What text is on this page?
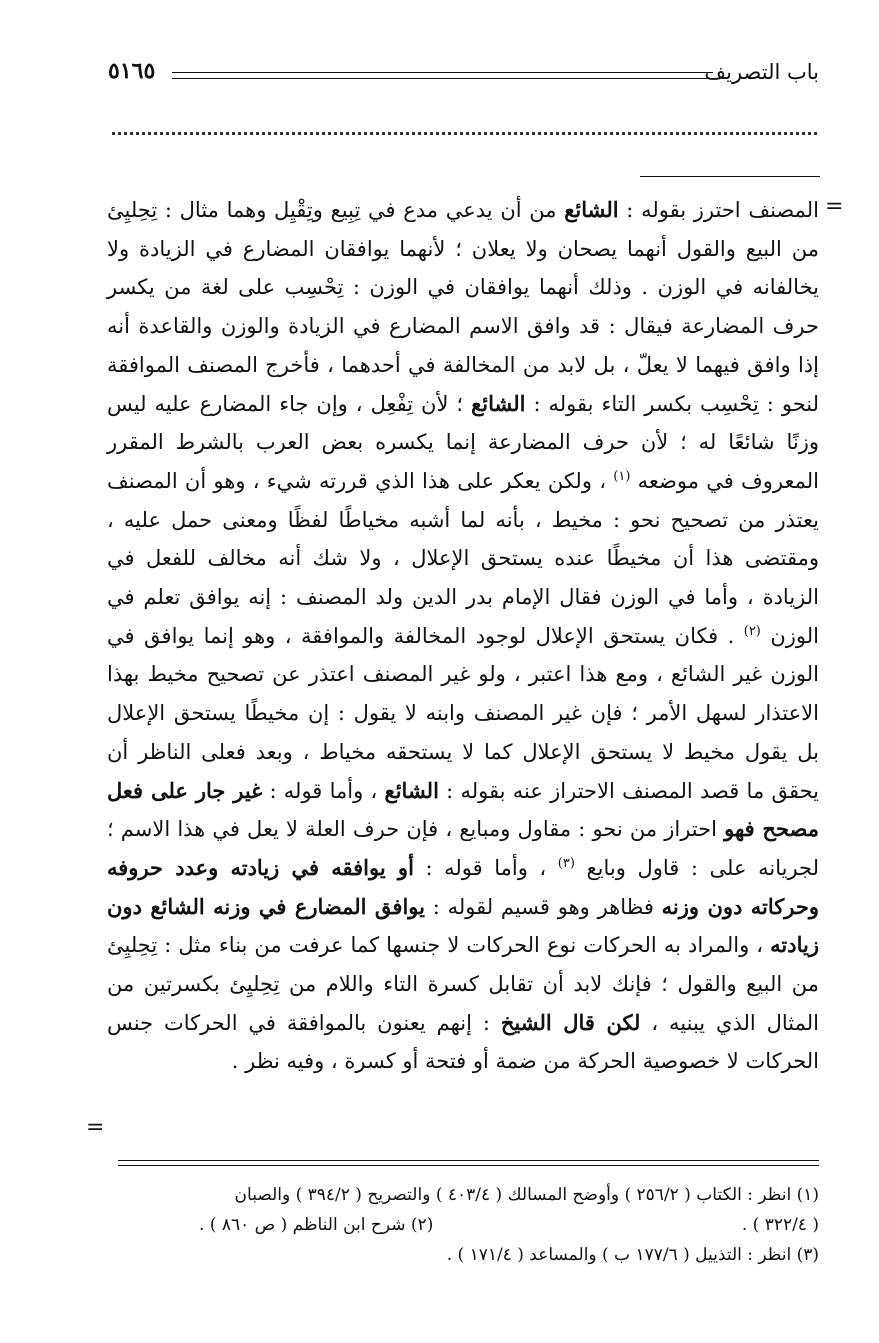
باب التصريف
٥١٦٥
=
المصنف احترز بقوله : الشائع من أن يدعي مدع في تِبِيع وتِقْيِل وهما مثال : تِحِليِئ من البيع والقول أنهما يصحان ولا يعلان ؛ لأنهما يوافقان المضارع في الزيادة ولا يخالفانه في الوزن . وذلك أنهما يوافقان في الوزن : تِحْسِب على لغة من يكسر حرف المضارعة فيقال : قد وافق الاسم المضارع في الزيادة والوزن والقاعدة أنه إذا وافق فيهما لا يعلّ ، بل لابد من المخالفة في أحدهما ، فأخرج المصنف الموافقة لنحو : تِحْسِب بكسر التاء بقوله : الشائع ؛ لأن تِفْعِل ، وإن جاء المضارع عليه ليس وزنًا شائعًا له ؛ لأن حرف المضارعة إنما يكسره بعض العرب بالشرط المقرر المعروف في موضعه $^{(١)}$ ، ولكن يعكر على هذا الذي قررته شيء ، وهو أن المصنف يعتذر من تصحيح نحو : مخيط ، بأنه لما أشبه مخياطًا لفظًا ومعنى حمل عليه ، ومقتضى هذا أن مخيطًا عنده يستحق الإعلال ، ولا شك أنه مخالف للفعل في الزيادة ، وأما في الوزن فقال الإمام بدر الدين ولد المصنف : إنه يوافق تعلم في الوزن $^{(٢)}$ . فكان يستحق الإعلال لوجود المخالفة والموافقة ، وهو إنما يوافق في الوزن غير الشائع ، ومع هذا اعتبر ، ولو غير المصنف اعتذر عن تصحيح مخيط بهذا الاعتذار لسهل الأمر ؛ فإن غير المصنف وابنه لا يقول : إن مخيطًا يستحق الإعلال بل يقول مخيط لا يستحق الإعلال كما لا يستحقه مخياط ، وبعد فعلى الناظر أن يحقق ما قصد المصنف الاحتراز عنه بقوله : الشائع ، وأما قوله : غير جار على فعل مصحح فهو احتراز من نحو : مقاول ومبايع ، فإن حرف العلة لا يعل في هذا الاسم ؛ لجريانه على : قاول وبايع $^{(٣)}$ ، وأما قوله : أو يوافقه في زيادته وعدد حروفه وحركاته دون وزنه فظاهر وهو قسيم لقوله : يوافق المضارع في وزنه الشائع دون زيادته ، والمراد به الحركات نوع الحركات لا جنسها كما عرفت من بناء مثل : تِحِليِئ من البيع والقول ؛ فإنك لابد أن تقابل كسرة التاء واللام من تِحِليِئ بكسرتين من المثال الذي يبنيه ، لكن قال الشيخ : إنهم يعنون بالموافقة في الحركات جنس الحركات لا خصوصية الحركة من ضمة أو فتحة أو كسرة ، وفيه نظر .
=
(١) انظر : الكتاب ( ٢٥٦/٢ ) وأوضح المسالك ( ٤٠٣/٤ ) والتصريح ( ٣٩٤/٢ ) والصبان
( ٣٢٢/٤ ) .
(٢) شرح ابن الناظم ( ص ٨٦٠ ) .
(٣) انظر : التذييل ( ١٧٧/٦ ب ) والمساعد ( ١٧١/٤ ) .
